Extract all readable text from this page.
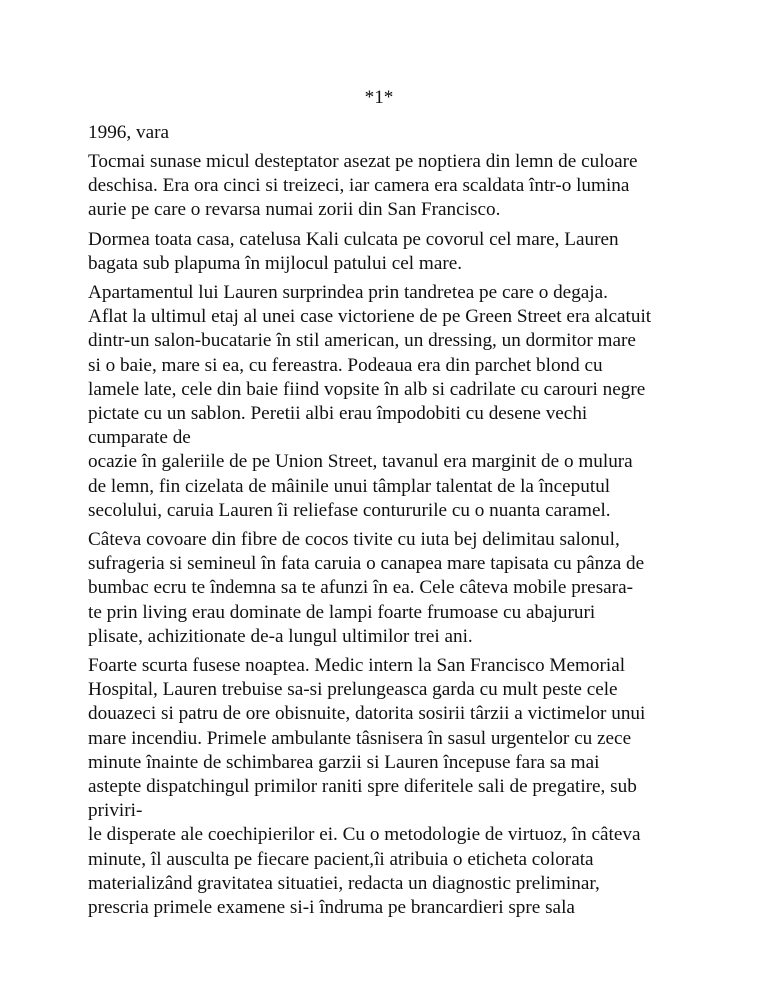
*1*
1996, vara

Tocmai sunase micul desteptator asezat pe noptiera din lemn de culoare
deschisa. Era ora cinci si treizeci, iar camera era scaldata într-o lumina
aurie pe care o revarsa numai zorii din San Francisco.

Dormea toata casa, catelusa Kali culcata pe covorul cel mare, Lauren
bagata sub plapuma în mijlocul patului cel mare.

Apartamentul lui Lauren surprindea prin tandretea pe care o degaja.
Aflat la ultimul etaj al unei case victoriene de pe Green Street era alcatuit
dintr-un salon-bucatarie în stil american, un dressing, un dormitor mare
si o baie, mare si ea, cu fereastra. Podeaua era din parchet blond cu
lamele late, cele din baie fiind vopsite în alb si cadrilate cu carouri negre
pictate cu un sablon. Peretii albi erau împodobiti cu desene vechi
cumparate de
ocazie în galeriile de pe Union Street, tavanul era marginit de o mulura
de lemn, fin cizelata de mâinile unui tâmplar talentat de la începutul
secolului, caruia Lauren îi reliefase contururile cu o nuanta caramel.

Câteva covoare din fibre de cocos tivite cu iuta bej delimitau salonul,
sufrageria si semineul în fata caruia o canapea mare tapisata cu pânza de
bumbac ecru te îndemna sa te afunzi în ea. Cele câteva mobile presara-
te prin living erau dominate de lampi foarte frumoase cu abajururi
plisate, achizitionate de-a lungul ultimilor trei ani.

Foarte scurta fusese noaptea. Medic intern la San Francisco Memorial
Hospital, Lauren trebuise sa-si prelungeasca garda cu mult peste cele
douazeci si patru de ore obisnuite, datorita sosirii târzii a victimelor unui
mare incendiu. Primele ambulante tâsnisera în sasul urgentelor cu zece
minute înainte de schimbarea garzii si Lauren începuse fara sa mai
astepte dispatchingul primilor raniti spre diferitele sali de pregatire, sub
priviri-
le disperate ale coechipierilor ei. Cu o metodologie de virtuoz, în câteva
minute, îl ausculta pe fiecare pacient,îi atribuia o eticheta colorata
materializând gravitatea situatiei, redacta un diagnostic preliminar,
prescria primele examene si-i îndruma pe brancardieri spre sala
